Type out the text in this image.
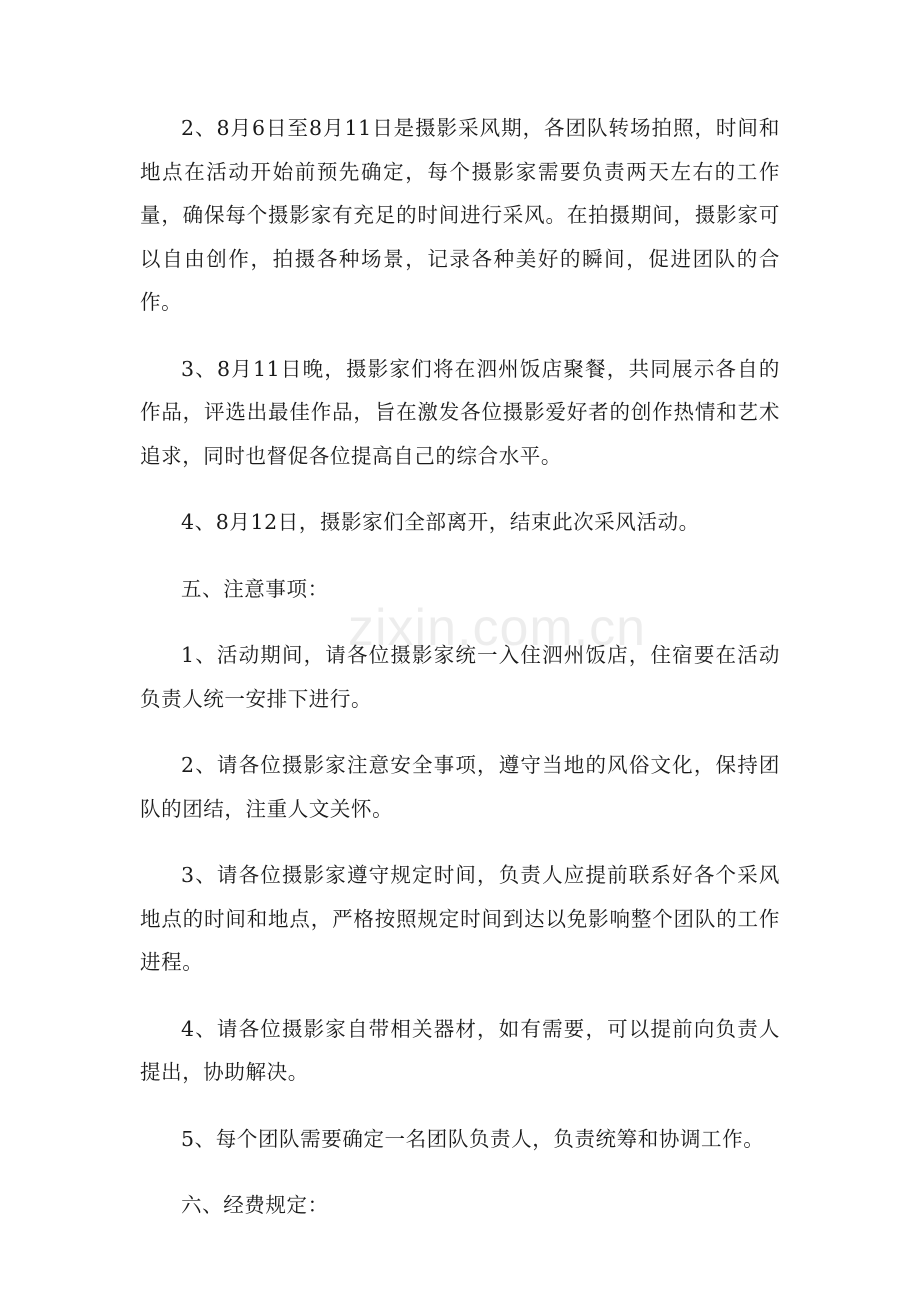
2、8月6日至8月11日是摄影采风期，各团队转场拍照，时间和地点在活动开始前预先确定，每个摄影家需要负责两天左右的工作量，确保每个摄影家有充足的时间进行采风。在拍摄期间，摄影家可以自由创作，拍摄各种场景，记录各种美好的瞬间，促进团队的合作。

3、8月11日晚，摄影家们将在泗州饭店聚餐，共同展示各自的作品，评选出最佳作品，旨在激发各位摄影爱好者的创作热情和艺术追求，同时也督促各位提高自己的综合水平。

4、8月12日，摄影家们全部离开，结束此次采风活动。

五、注意事项：

1、活动期间，请各位摄影家统一入住泗州饭店，住宿要在活动负责人统一安排下进行。

2、请各位摄影家注意安全事项，遵守当地的风俗文化，保持团队的团结，注重人文关怀。

3、请各位摄影家遵守规定时间，负责人应提前联系好各个采风地点的时间和地点，严格按照规定时间到达以免影响整个团队的工作进程。

4、请各位摄影家自带相关器材，如有需要，可以提前向负责人提出，协助解决。

5、每个团队需要确定一名团队负责人，负责统筹和协调工作。

六、经费规定：

zixin.com.cn
